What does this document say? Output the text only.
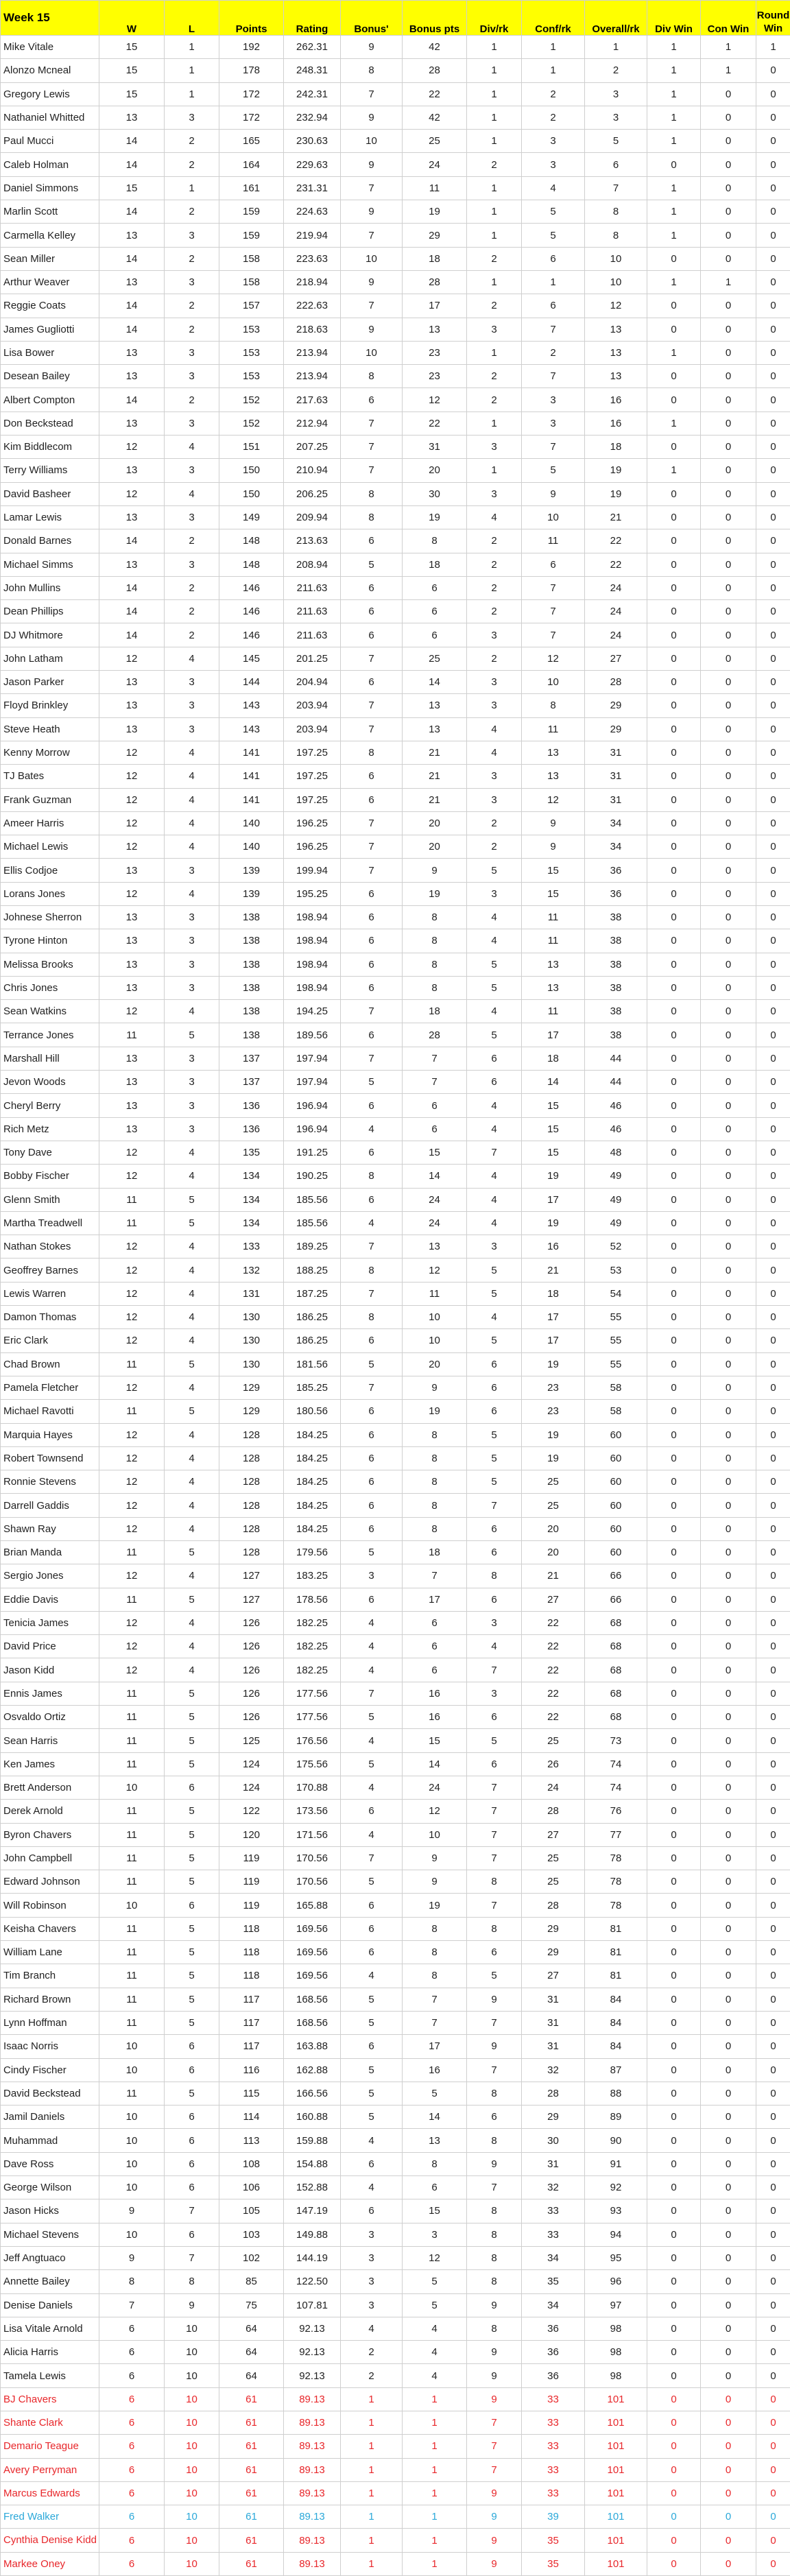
Week 15	W	L	Points	Rating	Bonus'	Bonus pts	Div/rk	Conf/rk	Overall/rk	Div Win	Con Win	Round Win

Mike Vitale	15	1	192	262.31	9	42	1	1	1	1	1	1
Alonzo Mcneal	15	1	178	248.31	8	28	1	1	2	1	1	0
Gregory Lewis	15	1	172	242.31	7	22	1	2	3	1	0	0
Nathaniel Whitted	13	3	172	232.94	9	42	1	2	3	1	0	0
Paul Mucci	14	2	165	230.63	10	25	1	3	5	1	0	0
Caleb Holman	14	2	164	229.63	9	24	2	3	6	0	0	0
Daniel Simmons	15	1	161	231.31	7	11	1	4	7	1	0	0
Marlin Scott	14	2	159	224.63	9	19	1	5	8	1	0	0
Carmella Kelley	13	3	159	219.94	7	29	1	5	8	1	0	0
Sean Miller	14	2	158	223.63	10	18	2	6	10	0	0	0
Arthur Weaver	13	3	158	218.94	9	28	1	1	10	1	1	0
Reggie Coats	14	2	157	222.63	7	17	2	6	12	0	0	0
James Gugliotti	14	2	153	218.63	9	13	3	7	13	0	0	0
Lisa Bower	13	3	153	213.94	10	23	1	2	13	1	0	0
Desean Bailey	13	3	153	213.94	8	23	2	7	13	0	0	0
Albert Compton	14	2	152	217.63	6	12	2	3	16	0	0	0
Don Beckstead	13	3	152	212.94	7	22	1	3	16	1	0	0
Kim Biddlecom	12	4	151	207.25	7	31	3	7	18	0	0	0
Terry Williams	13	3	150	210.94	7	20	1	5	19	1	0	0
David Basheer	12	4	150	206.25	8	30	3	9	19	0	0	0
Lamar Lewis	13	3	149	209.94	8	19	4	10	21	0	0	0
Donald Barnes	14	2	148	213.63	6	8	2	11	22	0	0	0
Michael Simms	13	3	148	208.94	5	18	2	6	22	0	0	0
John Mullins	14	2	146	211.63	6	6	2	7	24	0	0	0
Dean Phillips	14	2	146	211.63	6	6	2	7	24	0	0	0
DJ Whitmore	14	2	146	211.63	6	6	3	7	24	0	0	0
John Latham	12	4	145	201.25	7	25	2	12	27	0	0	0
Jason Parker	13	3	144	204.94	6	14	3	10	28	0	0	0
Floyd Brinkley	13	3	143	203.94	7	13	3	8	29	0	0	0
Steve Heath	13	3	143	203.94	7	13	4	11	29	0	0	0
Kenny Morrow	12	4	141	197.25	8	21	4	13	31	0	0	0
TJ Bates	12	4	141	197.25	6	21	3	13	31	0	0	0
Frank Guzman	12	4	141	197.25	6	21	3	12	31	0	0	0
Ameer Harris	12	4	140	196.25	7	20	2	9	34	0	0	0
Michael Lewis	12	4	140	196.25	7	20	2	9	34	0	0	0
Ellis Codjoe	13	3	139	199.94	7	9	5	15	36	0	0	0
Lorans Jones	12	4	139	195.25	6	19	3	15	36	0	0	0
Johnese Sherron	13	3	138	198.94	6	8	4	11	38	0	0	0
Tyrone Hinton	13	3	138	198.94	6	8	4	11	38	0	0	0
Melissa Brooks	13	3	138	198.94	6	8	5	13	38	0	0	0
Chris Jones	13	3	138	198.94	6	8	5	13	38	0	0	0
Sean Watkins	12	4	138	194.25	7	18	4	11	38	0	0	0
Terrance Jones	11	5	138	189.56	6	28	5	17	38	0	0	0
Marshall Hill	13	3	137	197.94	7	7	6	18	44	0	0	0
Jevon Woods	13	3	137	197.94	5	7	6	14	44	0	0	0
Cheryl Berry	13	3	136	196.94	6	6	4	15	46	0	0	0
Rich Metz	13	3	136	196.94	4	6	4	15	46	0	0	0
Tony Dave	12	4	135	191.25	6	15	7	15	48	0	0	0
Bobby Fischer	12	4	134	190.25	8	14	4	19	49	0	0	0
Glenn Smith	11	5	134	185.56	6	24	4	17	49	0	0	0
Martha Treadwell	11	5	134	185.56	4	24	4	19	49	0	0	0
Nathan Stokes	12	4	133	189.25	7	13	3	16	52	0	0	0
Geoffrey Barnes	12	4	132	188.25	8	12	5	21	53	0	0	0
Lewis Warren	12	4	131	187.25	7	11	5	18	54	0	0	0
Damon Thomas	12	4	130	186.25	8	10	4	17	55	0	0	0
Eric Clark	12	4	130	186.25	6	10	5	17	55	0	0	0
Chad Brown	11	5	130	181.56	5	20	6	19	55	0	0	0
Pamela Fletcher	12	4	129	185.25	7	9	6	23	58	0	0	0
Michael Ravotti	11	5	129	180.56	6	19	6	23	58	0	0	0
Marquia Hayes	12	4	128	184.25	6	8	5	19	60	0	0	0
Robert Townsend	12	4	128	184.25	6	8	5	19	60	0	0	0
Ronnie Stevens	12	4	128	184.25	6	8	5	25	60	0	0	0
Darrell Gaddis	12	4	128	184.25	6	8	7	25	60	0	0	0
Shawn Ray	12	4	128	184.25	6	8	6	20	60	0	0	0
Brian Manda	11	5	128	179.56	5	18	6	20	60	0	0	0
Sergio Jones	12	4	127	183.25	3	7	8	21	66	0	0	0
Eddie Davis	11	5	127	178.56	6	17	6	27	66	0	0	0
Tenicia James	12	4	126	182.25	4	6	3	22	68	0	0	0
David Price	12	4	126	182.25	4	6	4	22	68	0	0	0
Jason Kidd	12	4	126	182.25	4	6	7	22	68	0	0	0
Ennis James	11	5	126	177.56	7	16	3	22	68	0	0	0
Osvaldo Ortiz	11	5	126	177.56	5	16	6	22	68	0	0	0
Sean Harris	11	5	125	176.56	4	15	5	25	73	0	0	0
Ken James	11	5	124	175.56	5	14	6	26	74	0	0	0
Brett Anderson	10	6	124	170.88	4	24	7	24	74	0	0	0
Derek Arnold	11	5	122	173.56	6	12	7	28	76	0	0	0
Byron Chavers	11	5	120	171.56	4	10	7	27	77	0	0	0
John Campbell	11	5	119	170.56	7	9	7	25	78	0	0	0
Edward Johnson	11	5	119	170.56	5	9	8	25	78	0	0	0
Will Robinson	10	6	119	165.88	6	19	7	28	78	0	0	0
Keisha Chavers	11	5	118	169.56	6	8	8	29	81	0	0	0
William Lane	11	5	118	169.56	6	8	6	29	81	0	0	0
Tim Branch	11	5	118	169.56	4	8	5	27	81	0	0	0
Richard Brown	11	5	117	168.56	5	7	9	31	84	0	0	0
Lynn Hoffman	11	5	117	168.56	5	7	7	31	84	0	0	0
Isaac Norris	10	6	117	163.88	6	17	9	31	84	0	0	0
Cindy Fischer	10	6	116	162.88	5	16	7	32	87	0	0	0
David Beckstead	11	5	115	166.56	5	5	8	28	88	0	0	0
Jamil Daniels	10	6	114	160.88	5	14	6	29	89	0	0	0
Muhammad	10	6	113	159.88	4	13	8	30	90	0	0	0
Dave Ross	10	6	108	154.88	6	8	9	31	91	0	0	0
George Wilson	10	6	106	152.88	4	6	7	32	92	0	0	0
Jason Hicks	9	7	105	147.19	6	15	8	33	93	0	0	0
Michael Stevens	10	6	103	149.88	3	3	8	33	94	0	0	0
Jeff Angtuaco	9	7	102	144.19	3	12	8	34	95	0	0	0
Annette Bailey	8	8	85	122.50	3	5	8	35	96	0	0	0
Denise Daniels	7	9	75	107.81	3	5	9	34	97	0	0	0
Lisa Vitale Arnold	6	10	64	92.13	4	4	8	36	98	0	0	0
Alicia Harris	6	10	64	92.13	2	4	9	36	98	0	0	0
Tamela Lewis	6	10	64	92.13	2	4	9	36	98	0	0	0
BJ Chavers	6	10	61	89.13	1	1	9	33	101	0	0	0
Shante Clark	6	10	61	89.13	1	1	7	33	101	0	0	0
Demario Teague	6	10	61	89.13	1	1	7	33	101	0	0	0
Avery Perryman	6	10	61	89.13	1	1	7	33	101	0	0	0
Marcus Edwards	6	10	61	89.13	1	1	9	33	101	0	0	0
Fred Walker	6	10	61	89.13	1	1	9	39	101	0	0	0

Cynthia Denise Kidd	6	10	61	89.13	1	1	9	35	101	0	0	0
Markee Oney	6	10	61	89.13	1	1	9	35	101	0	0	0
